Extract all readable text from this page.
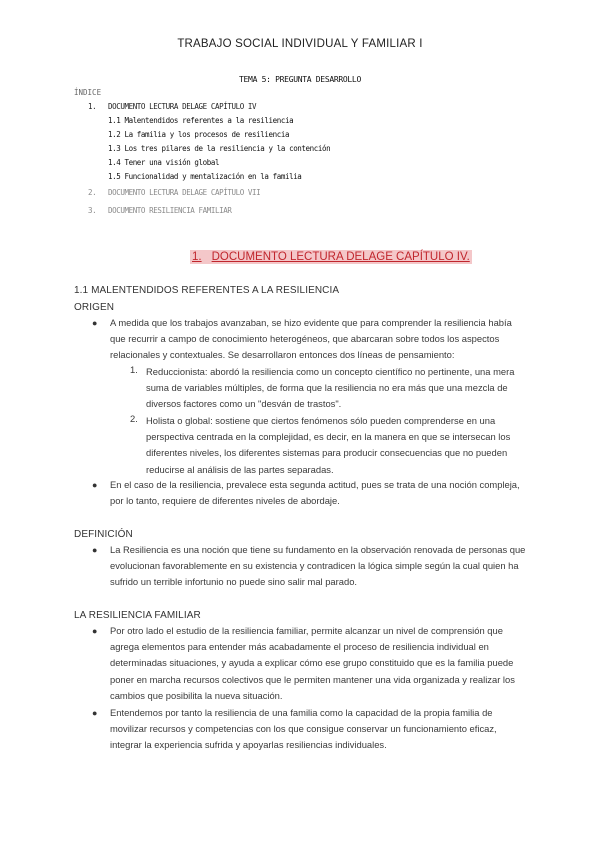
TRABAJO SOCIAL INDIVIDUAL Y FAMILIAR I
TEMA 5: PREGUNTA DESARROLLO
ÍNDICE
1.	DOCUMENTO LECTURA DELAGE CAPÍTULO IV
1.1 Malentendidos referentes a la resiliencia
1.2 La familia y los procesos de resiliencia
1.3 Los tres pilares de la resiliencia y la contención
1.4 Tener una visión global
1.5 Funcionalidad y mentalización en la familia
2.	DOCUMENTO LECTURA DELAGE CAPÍTULO VII
3.	DOCUMENTO RESILIENCIA FAMILIAR
1. DOCUMENTO LECTURA DELAGE CAPÍTULO IV.
1.1 MALENTENDIDOS REFERENTES A LA RESILIENCIA
ORIGEN
● A medida que los trabajos avanzaban, se hizo evidente que para comprender la resiliencia había que recurrir a campo de conocimiento heterogéneos, que abarcaran sobre todos los aspectos relacionales y contextuales. Se desarrollaron entonces dos líneas de pensamiento:
1. Reduccionista: abordó la resiliencia como un concepto científico no pertinente, una mera suma de variables múltiples, de forma que la resiliencia no era más que una mezcla de diversos factores como un "desván de trastos".
2. Holista o global: sostiene que ciertos fenómenos sólo pueden comprenderse en una perspectiva centrada en la complejidad, es decir, en la manera en que se intersecan los diferentes niveles, los diferentes sistemas para producir consecuencias que no pueden reducirse al análisis de las partes separadas.
● En el caso de la resiliencia, prevalece esta segunda actitud, pues se trata de una noción compleja, por lo tanto, requiere de diferentes niveles de abordaje.
DEFINICIÓN
● La Resiliencia es una noción que tiene su fundamento en la observación renovada de personas que evolucionan favorablemente en su existencia y contradicen la lógica simple según la cual quien ha sufrido un terrible infortunio no puede sino salir mal parado.
LA RESILIENCIA FAMILIAR
● Por otro lado el estudio de la resiliencia familiar, permite alcanzar un nivel de comprensión que agrega elementos para entender más acabadamente el proceso de resiliencia individual en determinadas situaciones, y ayuda a explicar cómo ese grupo constituido que es la familia puede poner en marcha recursos colectivos que le permiten mantener una vida organizada y realizar los cambios que posibilita la nueva situación.
● Entendemos por tanto la resiliencia de una familia como la capacidad de la propia familia de movilizar recursos y competencias con los que consigue conservar un funcionamiento eficaz, integrar la experiencia sufrida y apoyarlas resiliencias individuales.
